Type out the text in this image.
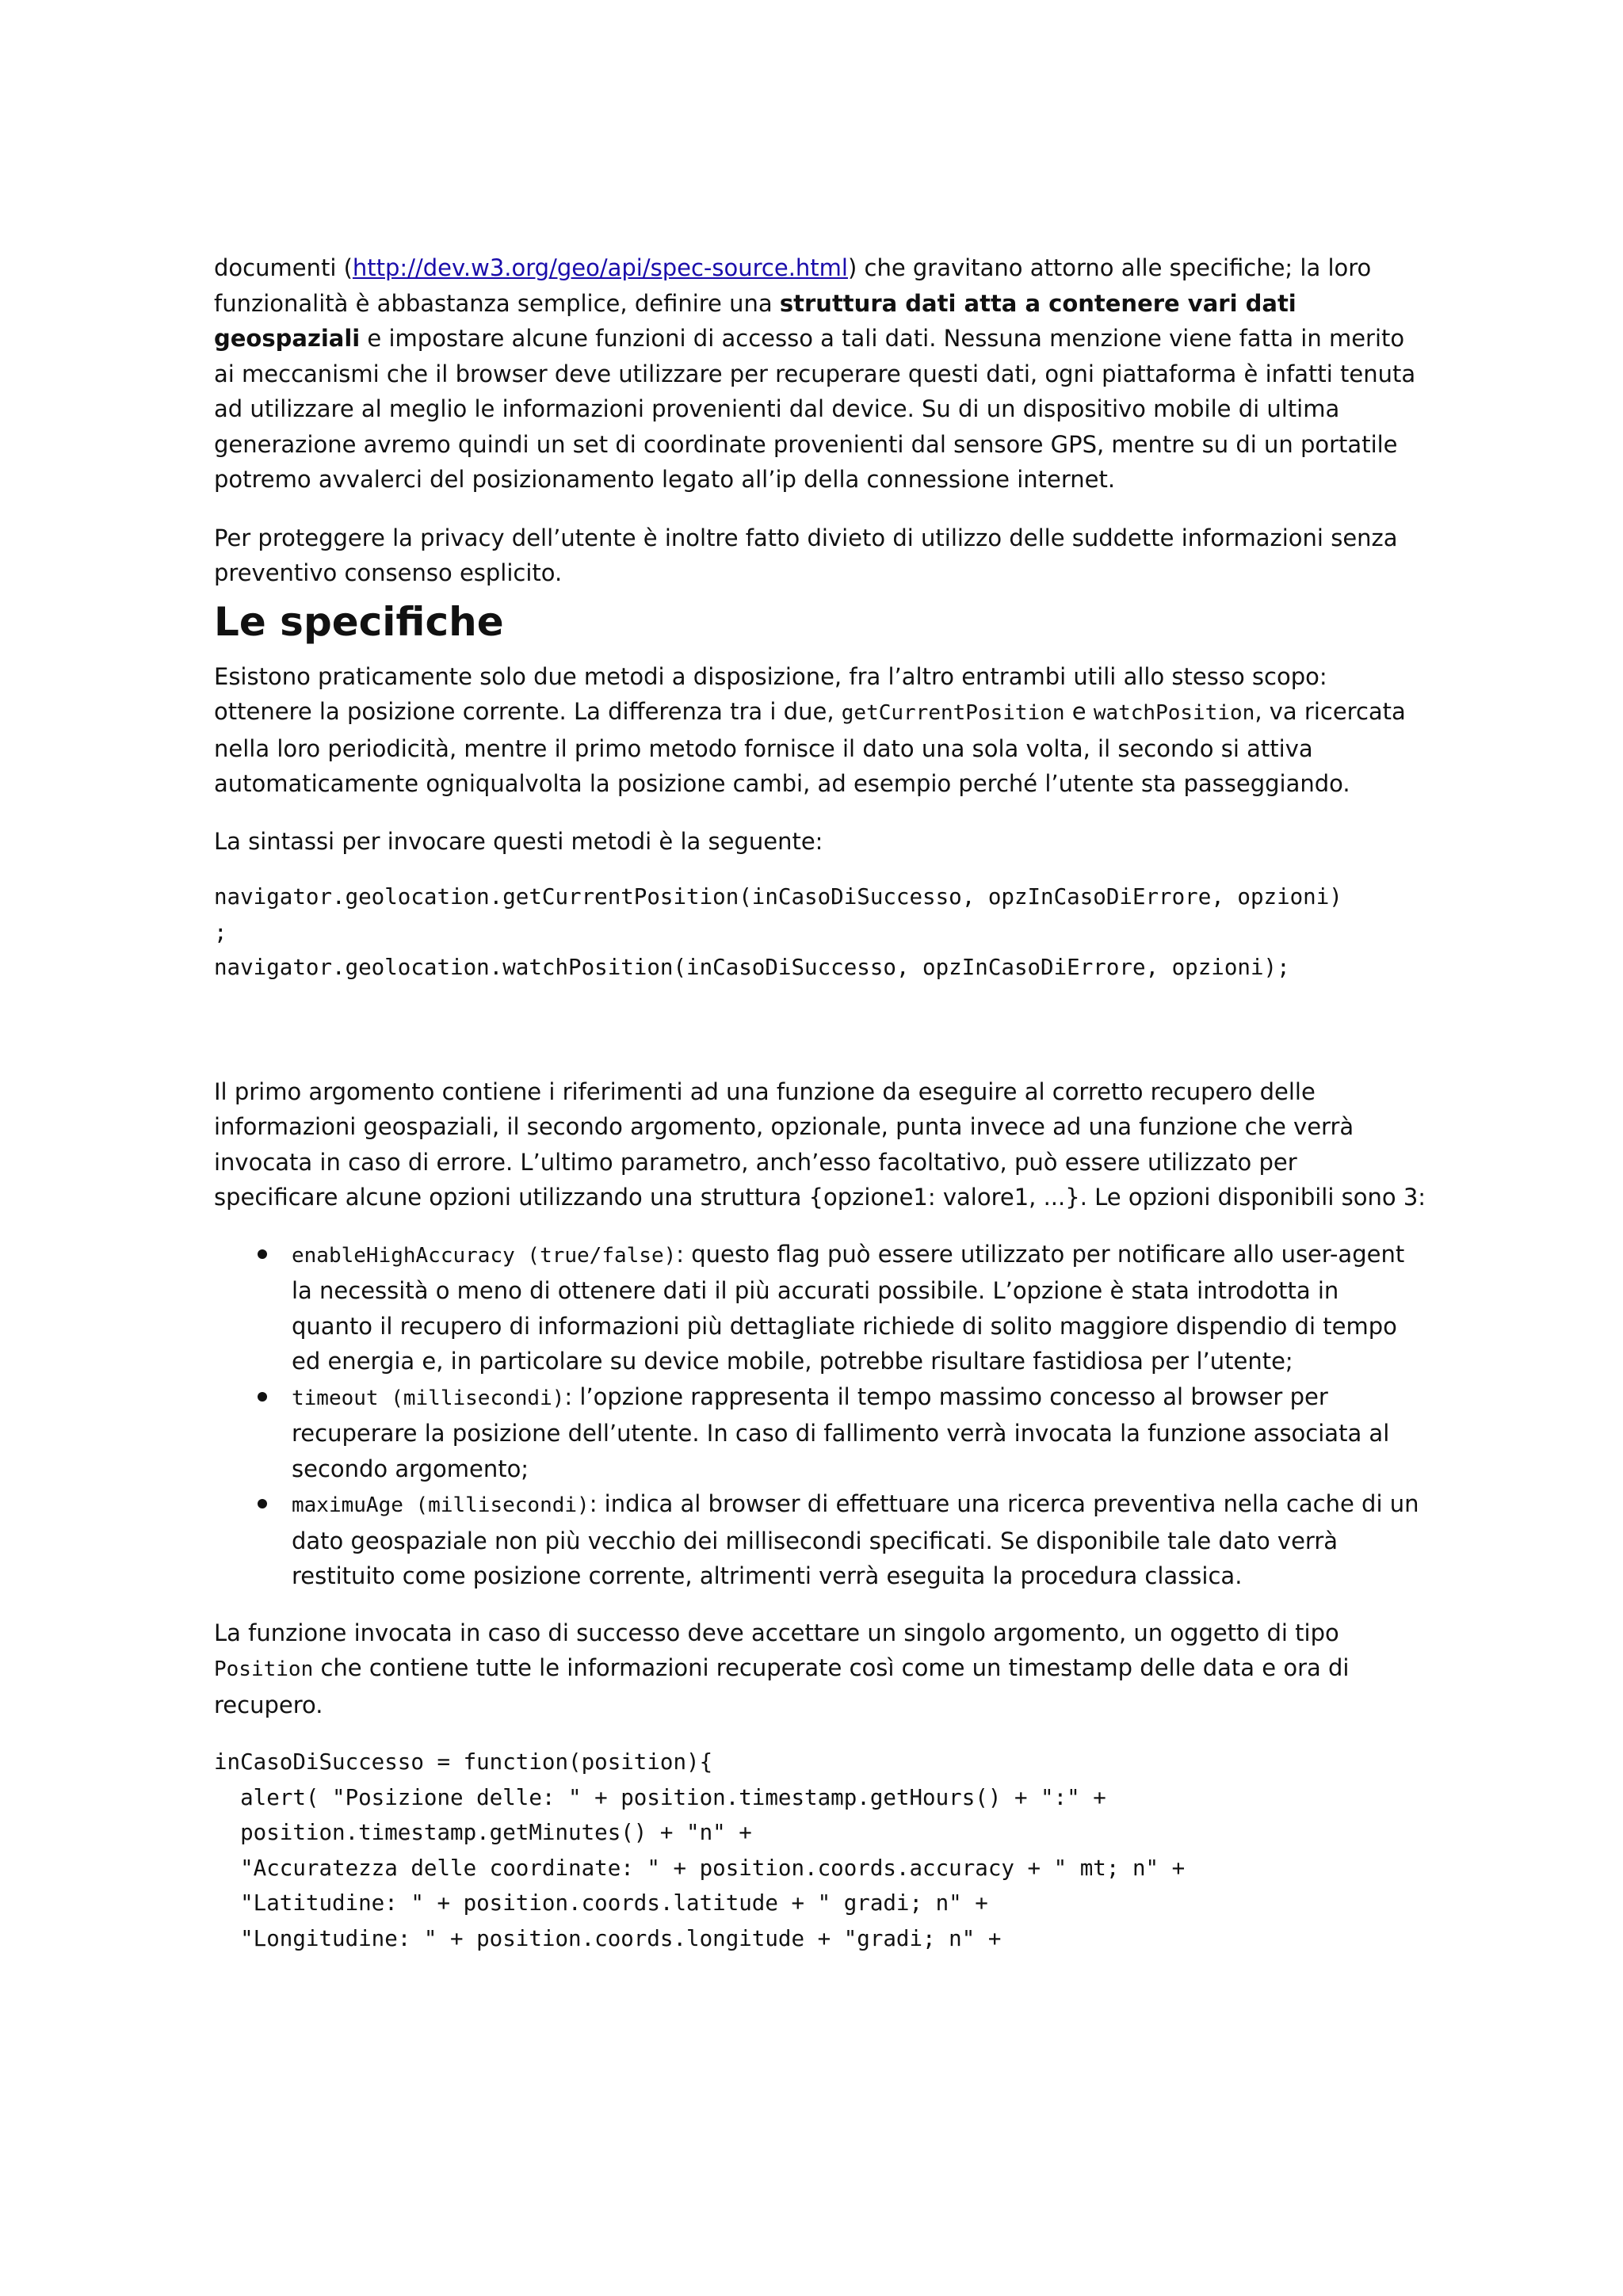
documenti (http://dev.w3.org/geo/api/spec-source.html) che gravitano attorno alle specifiche; la loro funzionalità è abbastanza semplice, definire una struttura dati atta a contenere vari dati geospaziali e impostare alcune funzioni di accesso a tali dati. Nessuna menzione viene fatta in merito ai meccanismi che il browser deve utilizzare per recuperare questi dati, ogni piattaforma è infatti tenuta ad utilizzare al meglio le informazioni provenienti dal device. Su di un dispositivo mobile di ultima generazione avremo quindi un set di coordinate provenienti dal sensore GPS, mentre su di un portatile potremo avvalerci del posizionamento legato all’ip della connessione internet.

Per proteggere la privacy dell’utente è inoltre fatto divieto di utilizzo delle suddette informazioni senza preventivo consenso esplicito.

Le specifiche

Esistono praticamente solo due metodi a disposizione, fra l’altro entrambi utili allo stesso scopo: ottenere la posizione corrente. La differenza tra i due, getCurrentPosition e watchPosition, va ricercata nella loro periodicità, mentre il primo metodo fornisce il dato una sola volta, il secondo si attiva automaticamente ogniqualvolta la posizione cambi, ad esempio perché l’utente sta passeggiando.

La sintassi per invocare questi metodi è la seguente:

navigator.geolocation.getCurrentPosition(inCasoDiSuccesso, opzInCasoDiErrore, opzioni)
;
navigator.geolocation.watchPosition(inCasoDiSuccesso, opzInCasoDiErrore, opzioni);

Il primo argomento contiene i riferimenti ad una funzione da eseguire al corretto recupero delle informazioni geospaziali, il secondo argomento, opzionale, punta invece ad una funzione che verrà invocata in caso di errore. L’ultimo parametro, anch’esso facoltativo, può essere utilizzato per specificare alcune opzioni utilizzando una struttura {opzione1: valore1, ...}. Le opzioni disponibili sono 3:

enableHighAccuracy (true/false): questo flag può essere utilizzato per notificare allo user-agent la necessità o meno di ottenere dati il più accurati possibile. L’opzione è stata introdotta in quanto il recupero di informazioni più dettagliate richiede di solito maggiore dispendio di tempo ed energia e, in particolare su device mobile, potrebbe risultare fastidiosa per l’utente;
timeout (millisecondi): l’opzione rappresenta il tempo massimo concesso al browser per recuperare la posizione dell’utente. In caso di fallimento verrà invocata la funzione associata al secondo argomento;
maximuAge (millisecondi): indica al browser di effettuare una ricerca preventiva nella cache di un dato geospaziale non più vecchio dei millisecondi specificati. Se disponibile tale dato verrà restituito come posizione corrente, altrimenti verrà eseguita la procedura classica.

La funzione invocata in caso di successo deve accettare un singolo argomento, un oggetto di tipo Position che contiene tutte le informazioni recuperate così come un timestamp delle data e ora di recupero.

inCasoDiSuccesso = function(position){
alert( "Posizione delle: " + position.timestamp.getHours() + ":" +
position.timestamp.getMinutes() + "n" +
"Accuratezza delle coordinate: " + position.coords.accuracy + " mt; n" +
"Latitudine: " + position.coords.latitude + " gradi; n" +
"Longitudine: " + position.coords.longitude + "gradi; n" +
